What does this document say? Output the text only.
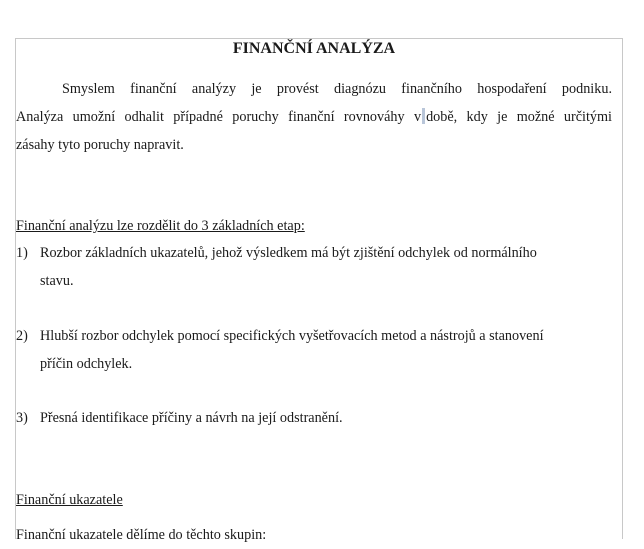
FINANČNÍ ANALÝZA
Smyslem finanční analýzy je provést diagnózu finančního hospodaření podniku.
Analýza umožní odhalit případné poruchy finanční rovnováhy v době, kdy je možné určitými
zásahy tyto poruchy napravit.
Finanční analýzu lze rozdělit do 3 základních etap:
1) Rozbor základních ukazatelů, jehož výsledkem má být zjištění odchylek od normálního
stavu.
2) Hlubší rozbor odchylek pomocí specifických vyšetřovacích metod a nástrojů a stanovení
příčin odchylek.
3) Přesná identifikace příčiny a návrh na její odstranění.
Finanční ukazatele
Finanční ukazatele dělíme do těchto skupin:
